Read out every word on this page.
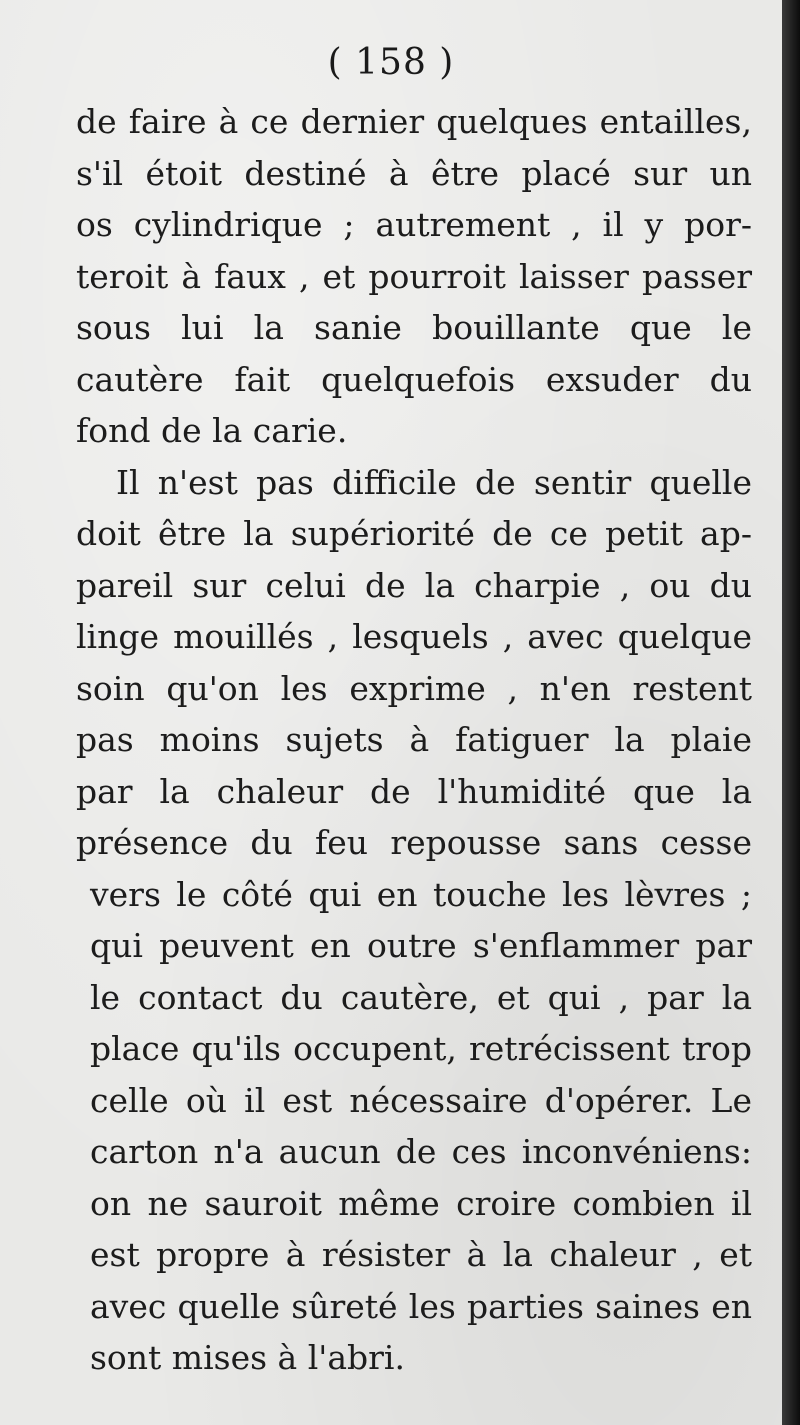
( 158 )
de faire à ce dernier quelques entailles,
s'il étoit destiné à être placé sur un
os cylindrique ; autrement , il y por-
teroit à faux , et pourroit laisser passer
sous lui la sanie bouillante que le
cautère fait quelquefois exsuder du
fond de la carie.
Il n'est pas difficile de sentir quelle
doit être la supériorité de ce petit ap-
pareil sur celui de la charpie , ou du
linge mouillés , lesquels , avec quelque
soin qu'on les exprime , n'en restent
pas moins sujets à fatiguer la plaie
par la chaleur de l'humidité que la
présence du feu repousse sans cesse
vers le côté qui en touche les lèvres ;
qui peuvent en outre s'enflammer par
le contact du cautère, et qui , par la
place qu'ils occupent, retrécissent trop
celle où il est nécessaire d'opérer. Le
carton n'a aucun de ces inconvéniens:
on ne sauroit même croire combien il
est propre à résister à la chaleur , et
avec quelle sûreté les parties saines en
sont mises à l'abri.
